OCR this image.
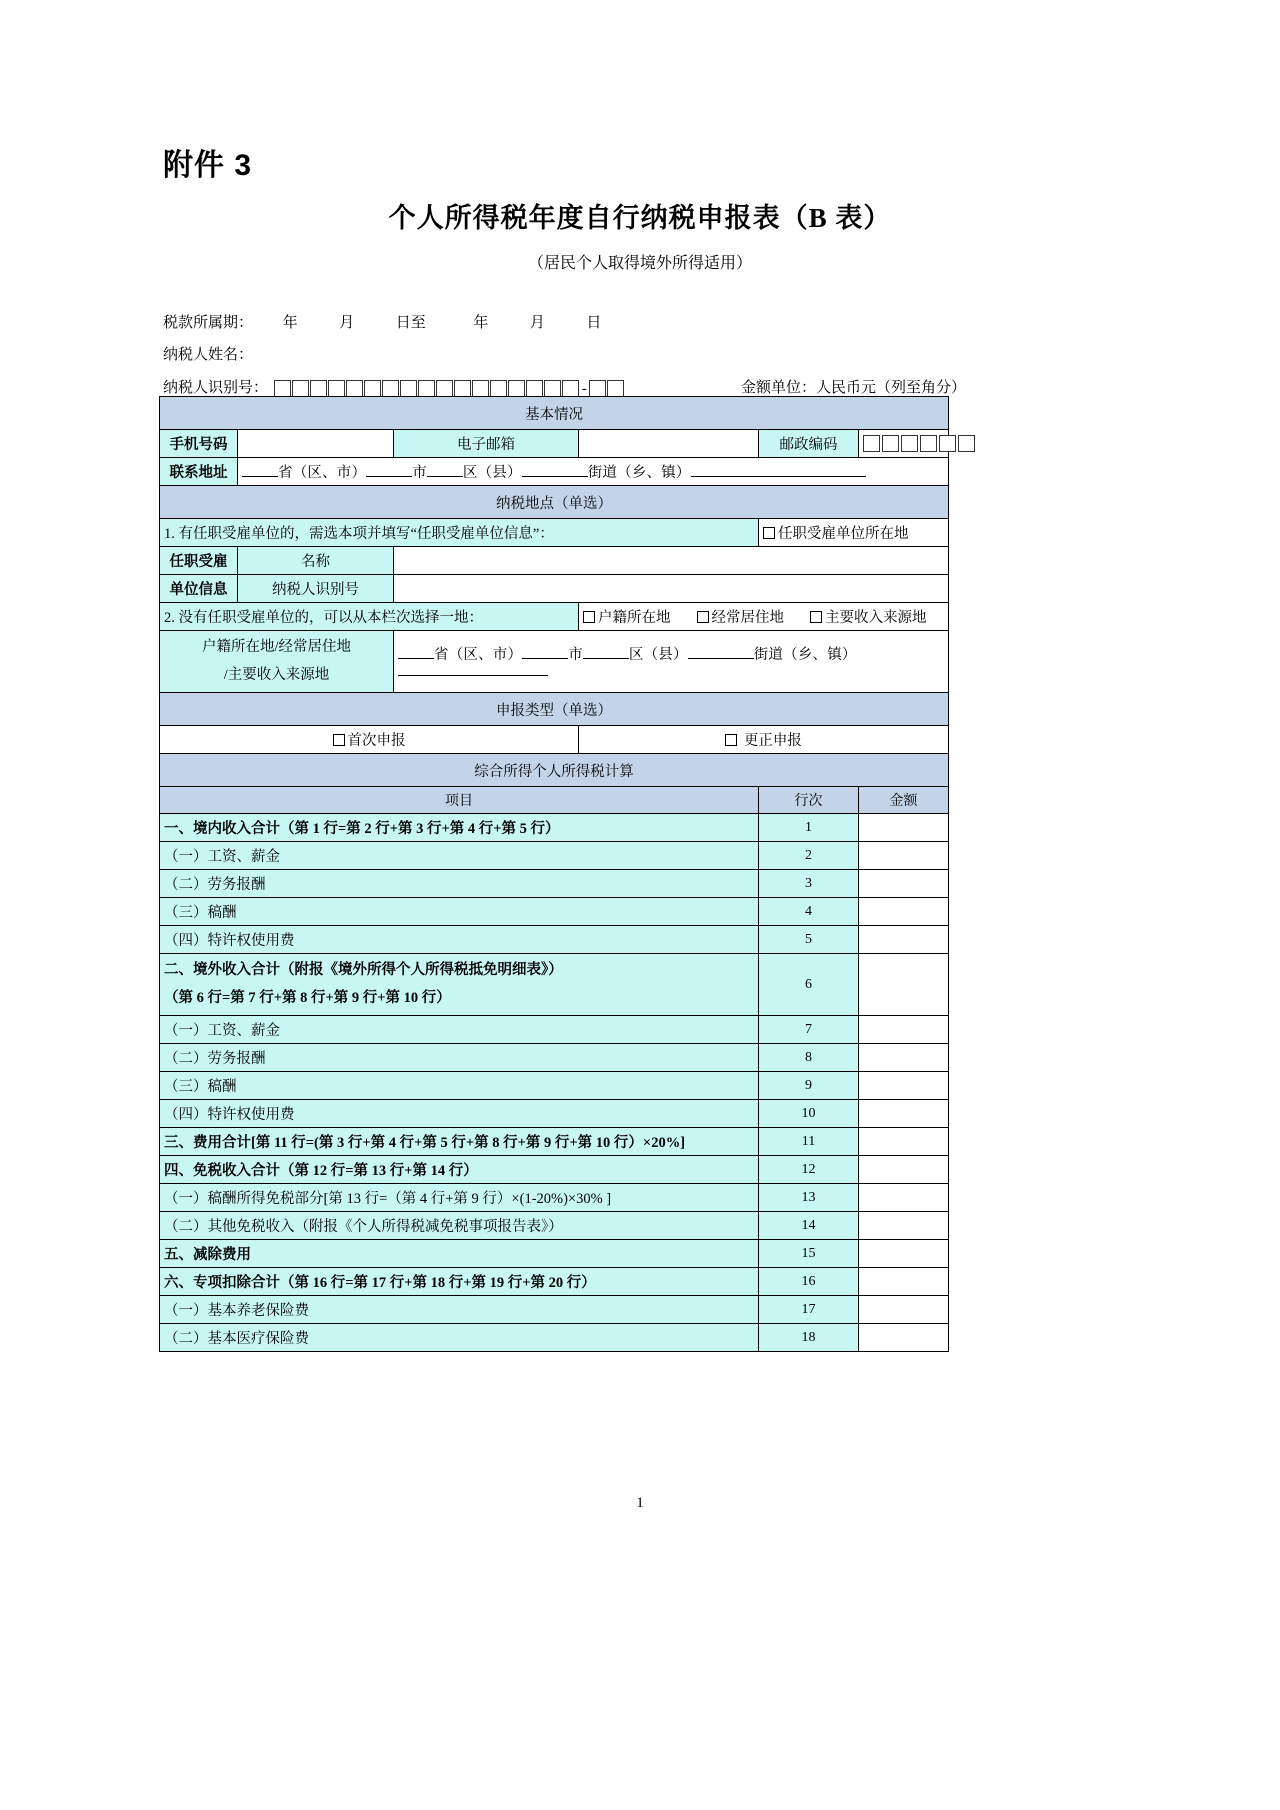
附件 3
个人所得税年度自行纳税申报表（B 表）
（居民个人取得境外所得适用）
税款所属期： 年	月	日至	年	月	日
纳税人姓名：
纳税人识别号：	-	金额单位：人民币元（列至角分）
基本情况					
手机号码		电子邮箱		邮政编码	
联系地址	省（区、市） 市 区（县） 街道（乡、镇）				
纳税地点（单选）					
1. 有任职受雇单位的，需选本项并填写“任职受雇单位信息”：				任职受雇单位所在地	
任职受雇	名称				
单位信息	纳税人识别号				
2. 没有任职受雇单位的，可以从本栏次选择一地：			户籍所在地 经常居住地 主要收入来源地		
户籍所在地/经常居住地
/主要收入来源地		省（区、市） 市 区（县） 街道（乡、镇）			
申报类型（单选）					
首次申报			更正申报		
综合所得个人所得税计算					
项目				行次	金额
一、境内收入合计（第 1 行=第 2 行+第 3 行+第 4 行+第 5 行）				1	
（一）工资、薪金				2	
（二）劳务报酬				3	
（三）稿酬				4	
（四）特许权使用费				5	

二、境外收入合计（附报《境外所得个人所得税抵免明细表》）
（第 6 行=第 7 行+第 8 行+第 9 行+第 10 行）				6	
（一）工资、薪金				7	
（二）劳务报酬				8	
（三）稿酬				9	
（四）特许权使用费				10	
三、费用合计[第 11 行=(第 3 行+第 4 行+第 5 行+第 8 行+第 9 行+第 10 行）×20%]				11	
四、免税收入合计（第 12 行=第 13 行+第 14 行）				12	
（一）稿酬所得免税部分[第 13 行=（第 4 行+第 9 行）×(1-20%)×30% ]				13	
（二）其他免税收入（附报《个人所得税减免税事项报告表》）				14	
五、减除费用				15	
六、专项扣除合计（第 16 行=第 17 行+第 18 行+第 19 行+第 20 行）				16	
（一）基本养老保险费				17	
（二）基本医疗保险费				18	
1
